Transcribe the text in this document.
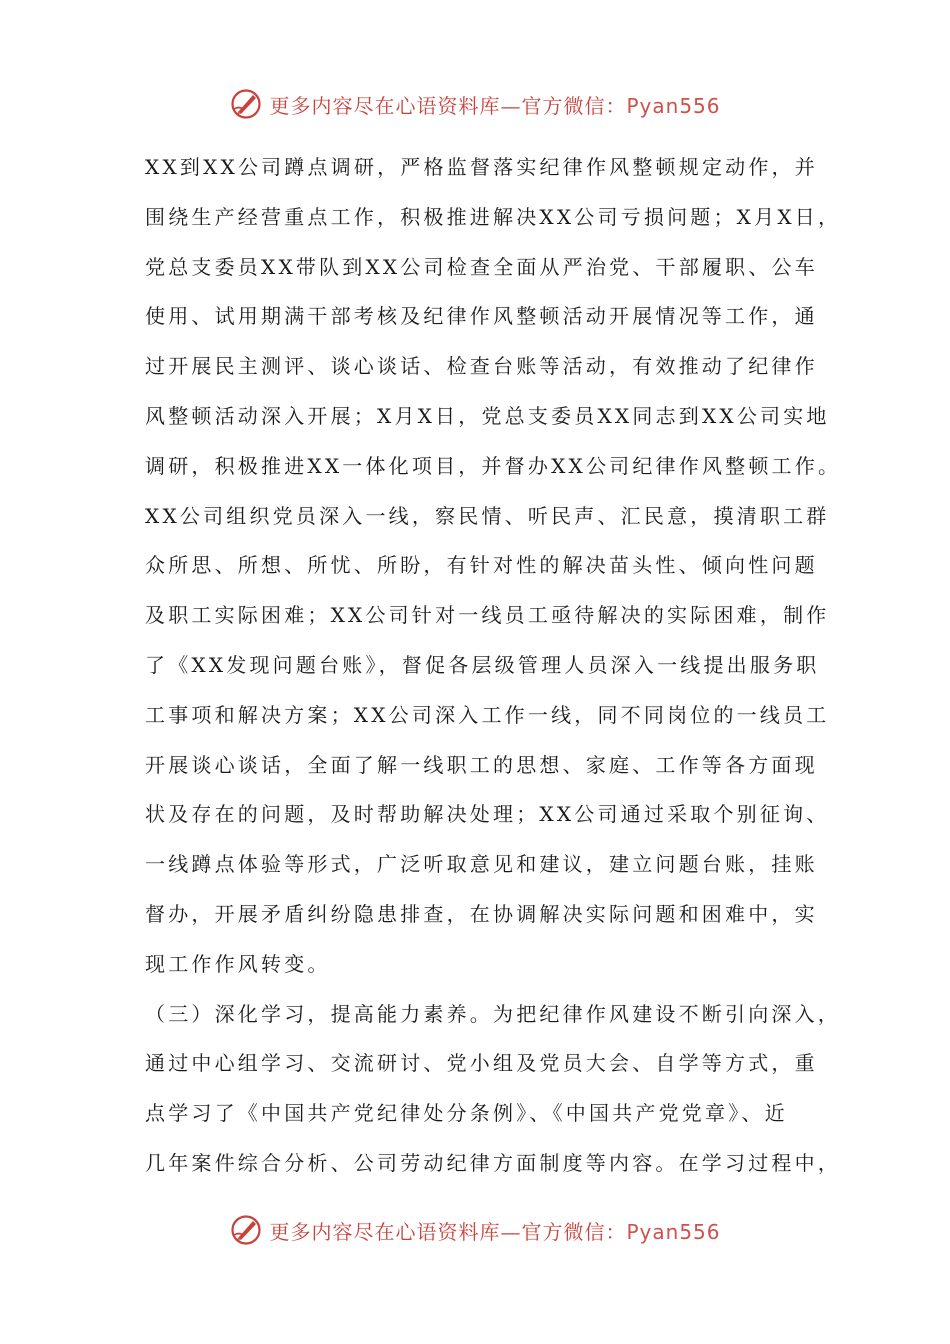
更多内容尽在心语资料库—官方微信：Pyan556
XX到XX公司蹲点调研，严格监督落实纪律作风整顿规定动作，并
围绕生产经营重点工作，积极推进解决XX公司亏损问题；X月X日，
党总支委员XX带队到XX公司检查全面从严治党、干部履职、公车
使用、试用期满干部考核及纪律作风整顿活动开展情况等工作，通
过开展民主测评、谈心谈话、检查台账等活动，有效推动了纪律作
风整顿活动深入开展；X月X日，党总支委员XX同志到XX公司实地
调研，积极推进XX一体化项目，并督办XX公司纪律作风整顿工作。
XX公司组织党员深入一线，察民情、听民声、汇民意，摸清职工群
众所思、所想、所忧、所盼，有针对性的解决苗头性、倾向性问题
及职工实际困难；XX公司针对一线员工亟待解决的实际困难，制作
了《XX发现问题台账》，督促各层级管理人员深入一线提出服务职
工事项和解决方案；XX公司深入工作一线，同不同岗位的一线员工
开展谈心谈话，全面了解一线职工的思想、家庭、工作等各方面现
状及存在的问题，及时帮助解决处理；XX公司通过采取个别征询、
一线蹲点体验等形式，广泛听取意见和建议，建立问题台账，挂账
督办，开展矛盾纠纷隐患排查，在协调解决实际问题和困难中，实
现工作作风转变。
（三）深化学习，提高能力素养。为把纪律作风建设不断引向深入，
通过中心组学习、交流研讨、党小组及党员大会、自学等方式，重
点学习了《中国共产党纪律处分条例》、《中国共产党党章》、近
几年案件综合分析、公司劳动纪律方面制度等内容。在学习过程中，
更多内容尽在心语资料库—官方微信：Pyan556
